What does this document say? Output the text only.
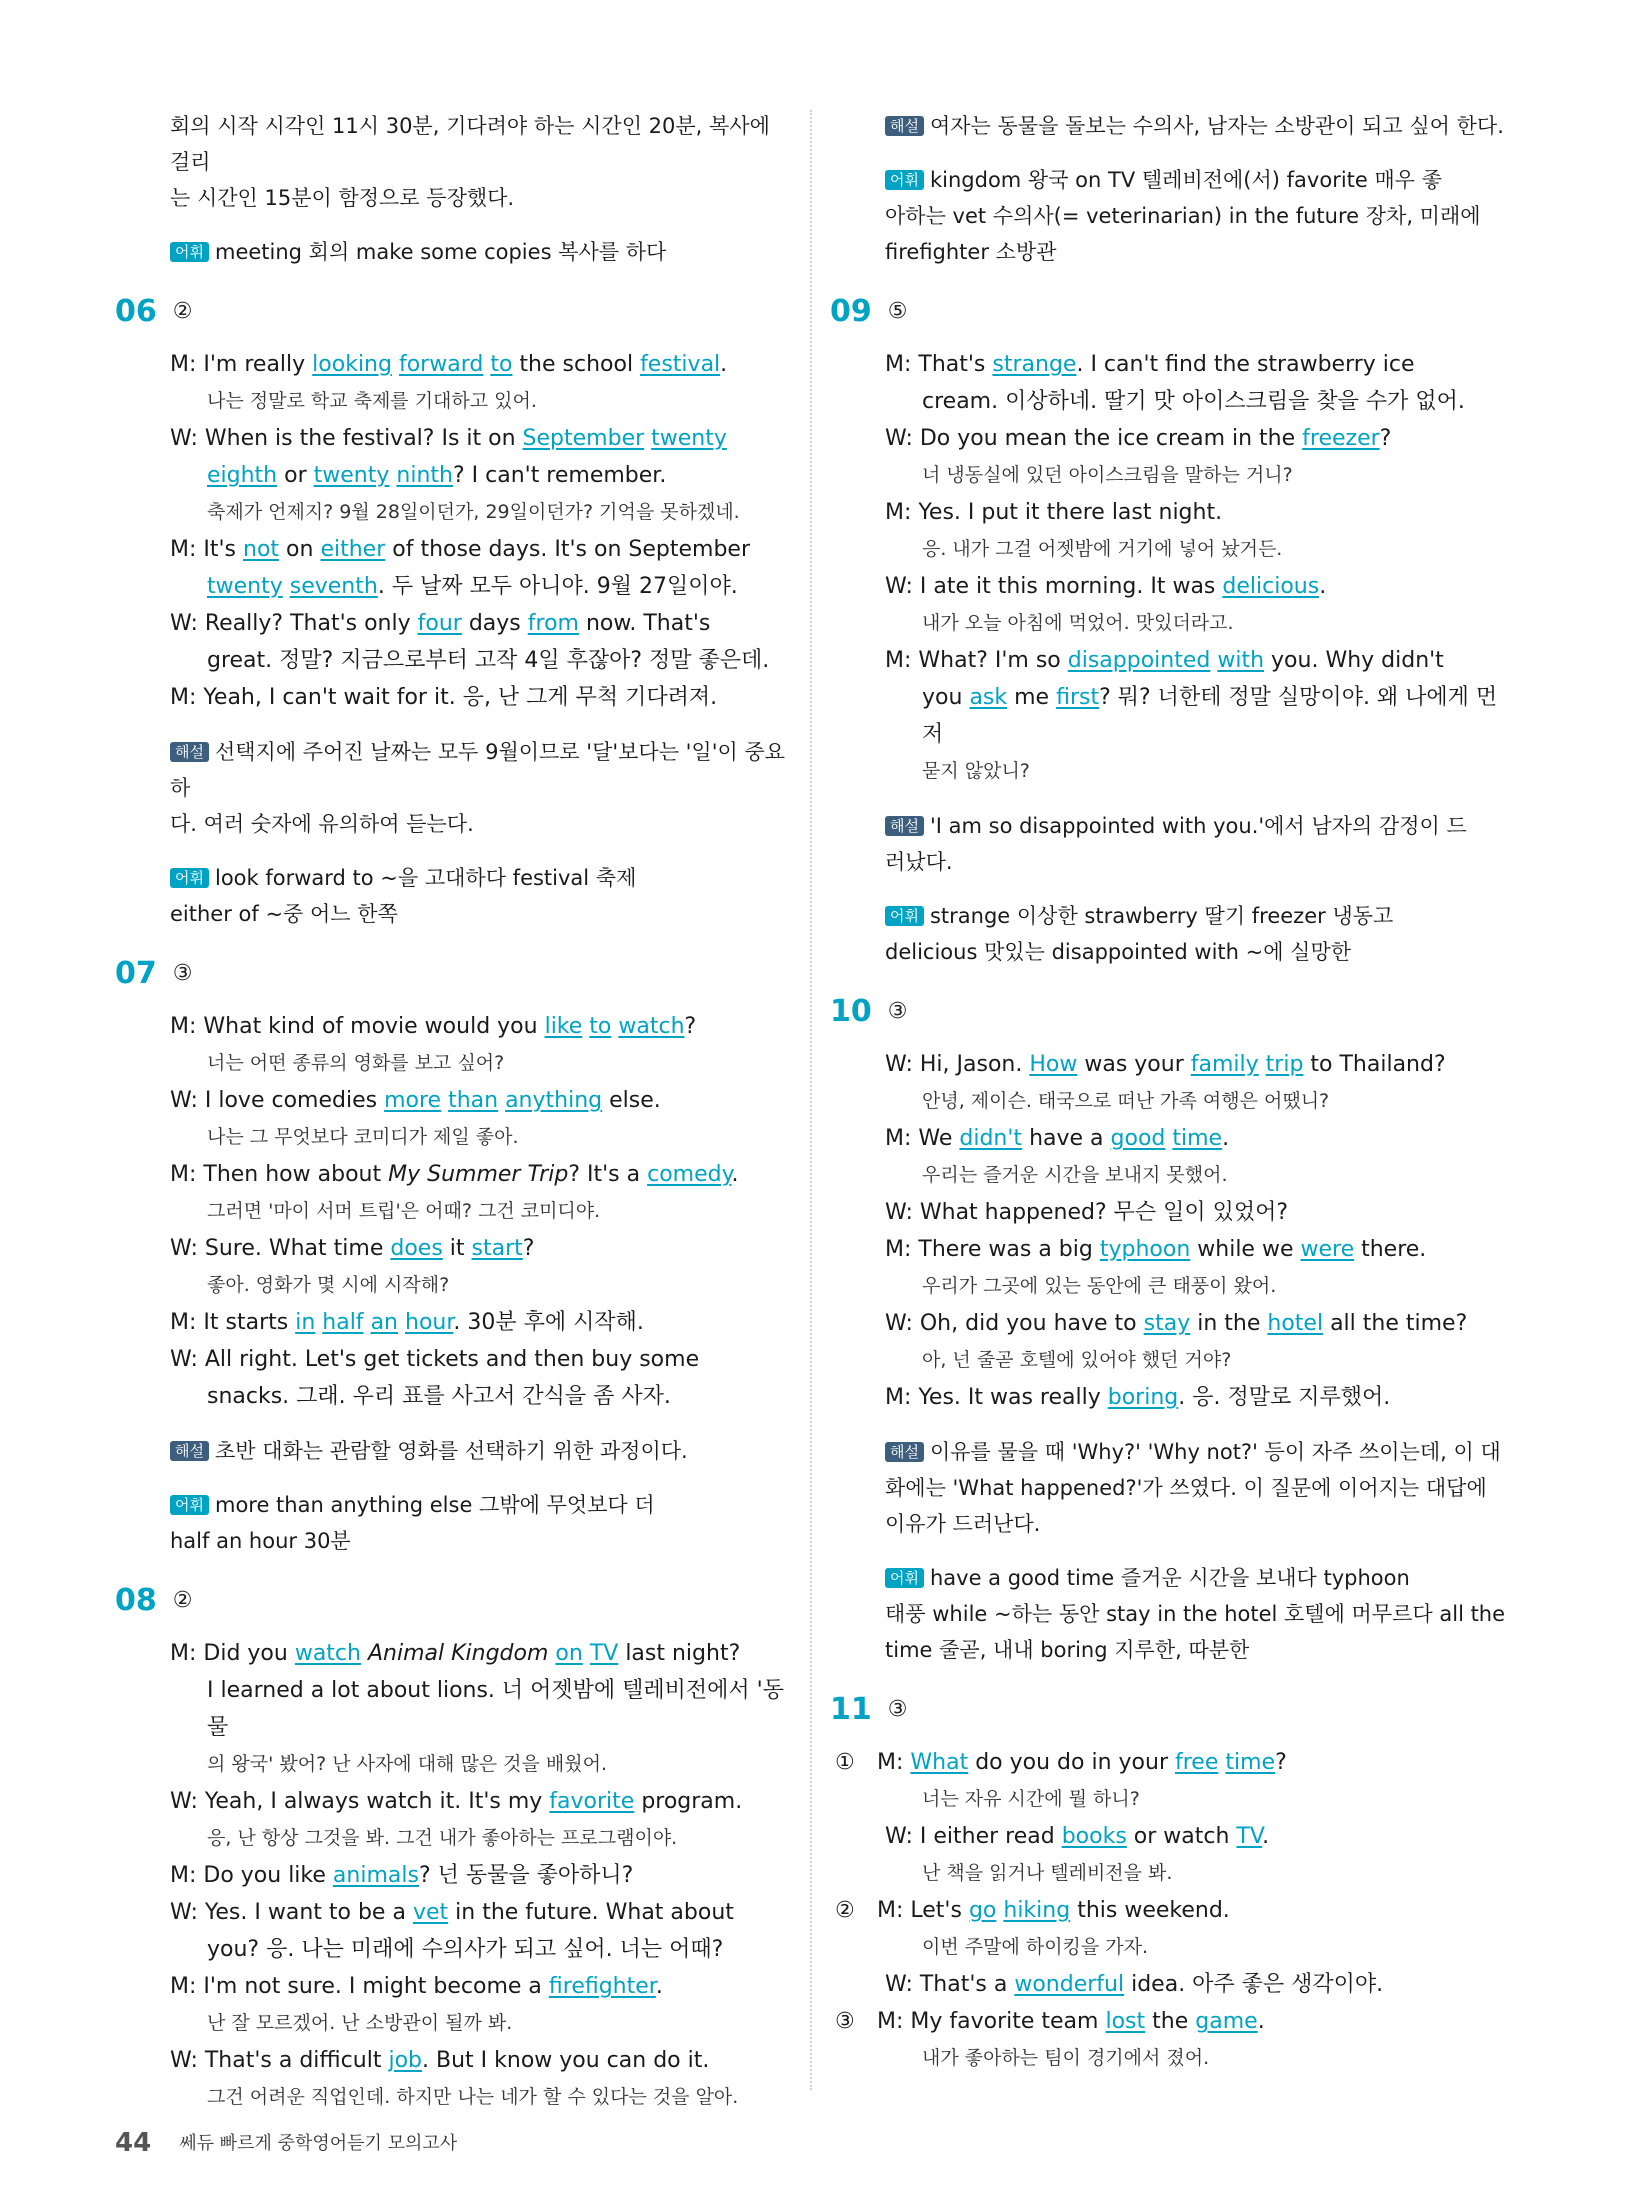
회의 시작 시각인 11시 30분, 기다려야 하는 시간인 20분, 복사에 걸리
는 시간인 15분이 함정으로 등장했다.
어휘 meeting 회의 make some copies 복사를 하다
06 ②
M: I'm really looking forward to the school festival.
나는 정말로 학교 축제를 기대하고 있어.
W: When is the festival? Is it on September twenty
eighth or twenty ninth? I can't remember.
축제가 언제지? 9월 28일이던가, 29일이던가? 기억을 못하겠네.
M: It's not on either of those days. It's on September
twenty seventh. 두 날짜 모두 아니야. 9월 27일이야.
W: Really? That's only four days from now. That's
great. 정말? 지금으로부터 고작 4일 후잖아? 정말 좋은데.
M: Yeah, I can't wait for it. 응, 난 그게 무척 기다려져.
해설 선택지에 주어진 날짜는 모두 9월이므로 '달'보다는 '일'이 중요하
다. 여러 숫자에 유의하여 듣는다.
어휘 look forward to ~을 고대하다 festival 축제
either of ~중 어느 한쪽
07 ③
M: What kind of movie would you like to watch?
너는 어떤 종류의 영화를 보고 싶어?
W: I love comedies more than anything else.
나는 그 무엇보다 코미디가 제일 좋아.
M: Then how about My Summer Trip? It's a comedy.
그러면 '마이 서머 트립'은 어때? 그건 코미디야.
W: Sure. What time does it start?
좋아. 영화가 몇 시에 시작해?
M: It starts in half an hour. 30분 후에 시작해.
W: All right. Let's get tickets and then buy some
snacks. 그래. 우리 표를 사고서 간식을 좀 사자.
해설 초반 대화는 관람할 영화를 선택하기 위한 과정이다.
어휘 more than anything else 그밖에 무엇보다 더
half an hour 30분
08 ②
M: Did you watch Animal Kingdom on TV last night?
I learned a lot about lions. 너 어젯밤에 텔레비전에서 '동물
의 왕국' 봤어? 난 사자에 대해 많은 것을 배웠어.
W: Yeah, I always watch it. It's my favorite program.
응, 난 항상 그것을 봐. 그건 내가 좋아하는 프로그램이야.
M: Do you like animals? 넌 동물을 좋아하니?
W: Yes. I want to be a vet in the future. What about
you? 응. 나는 미래에 수의사가 되고 싶어. 너는 어때?
M: I'm not sure. I might become a firefighter.
난 잘 모르겠어. 난 소방관이 될까 봐.
W: That's a difficult job. But I know you can do it.
그건 어려운 직업인데. 하지만 나는 네가 할 수 있다는 것을 알아.
해설 여자는 동물을 돌보는 수의사, 남자는 소방관이 되고 싶어 한다.
어휘 kingdom 왕국 on TV 텔레비전에(서) favorite 매우 좋
아하는 vet 수의사(= veterinarian) in the future 장차, 미래에
firefighter 소방관
09 ⑤
M: That's strange. I can't find the strawberry ice
cream. 이상하네. 딸기 맛 아이스크림을 찾을 수가 없어.
W: Do you mean the ice cream in the freezer?
너 냉동실에 있던 아이스크림을 말하는 거니?
M: Yes. I put it there last night.
응. 내가 그걸 어젯밤에 거기에 넣어 놨거든.
W: I ate it this morning. It was delicious.
내가 오늘 아침에 먹었어. 맛있더라고.
M: What? I'm so disappointed with you. Why didn't
you ask me first? 뭐? 너한테 정말 실망이야. 왜 나에게 먼저
묻지 않았니?
해설 'I am so disappointed with you.'에서 남자의 감정이 드
러났다.
어휘 strange 이상한 strawberry 딸기 freezer 냉동고
delicious 맛있는 disappointed with ~에 실망한
10 ③
W: Hi, Jason. How was your family trip to Thailand?
안녕, 제이슨. 태국으로 떠난 가족 여행은 어땠니?
M: We didn't have a good time.
우리는 즐거운 시간을 보내지 못했어.
W: What happened? 무슨 일이 있었어?
M: There was a big typhoon while we were there.
우리가 그곳에 있는 동안에 큰 태풍이 왔어.
W: Oh, did you have to stay in the hotel all the time?
아, 넌 줄곧 호텔에 있어야 했던 거야?
M: Yes. It was really boring. 응. 정말로 지루했어.
해설 이유를 물을 때 'Why?' 'Why not?' 등이 자주 쓰이는데, 이 대
화에는 'What happened?'가 쓰였다. 이 질문에 이어지는 대답에
이유가 드러난다.
어휘 have a good time 즐거운 시간을 보내다 typhoon
태풍 while ~하는 동안 stay in the hotel 호텔에 머무르다 all the
time 줄곧, 내내 boring 지루한, 따분한
11 ③
① M: What do you do in your free time?
너는 자유 시간에 뭘 하니?
W: I either read books or watch TV.
난 책을 읽거나 텔레비전을 봐.
② M: Let's go hiking this weekend.
이번 주말에 하이킹을 가자.
W: That's a wonderful idea. 아주 좋은 생각이야.
③ M: My favorite team lost the game.
내가 좋아하는 팀이 경기에서 졌어.
44 쎄듀 빠르게 중학영어듣기 모의고사
